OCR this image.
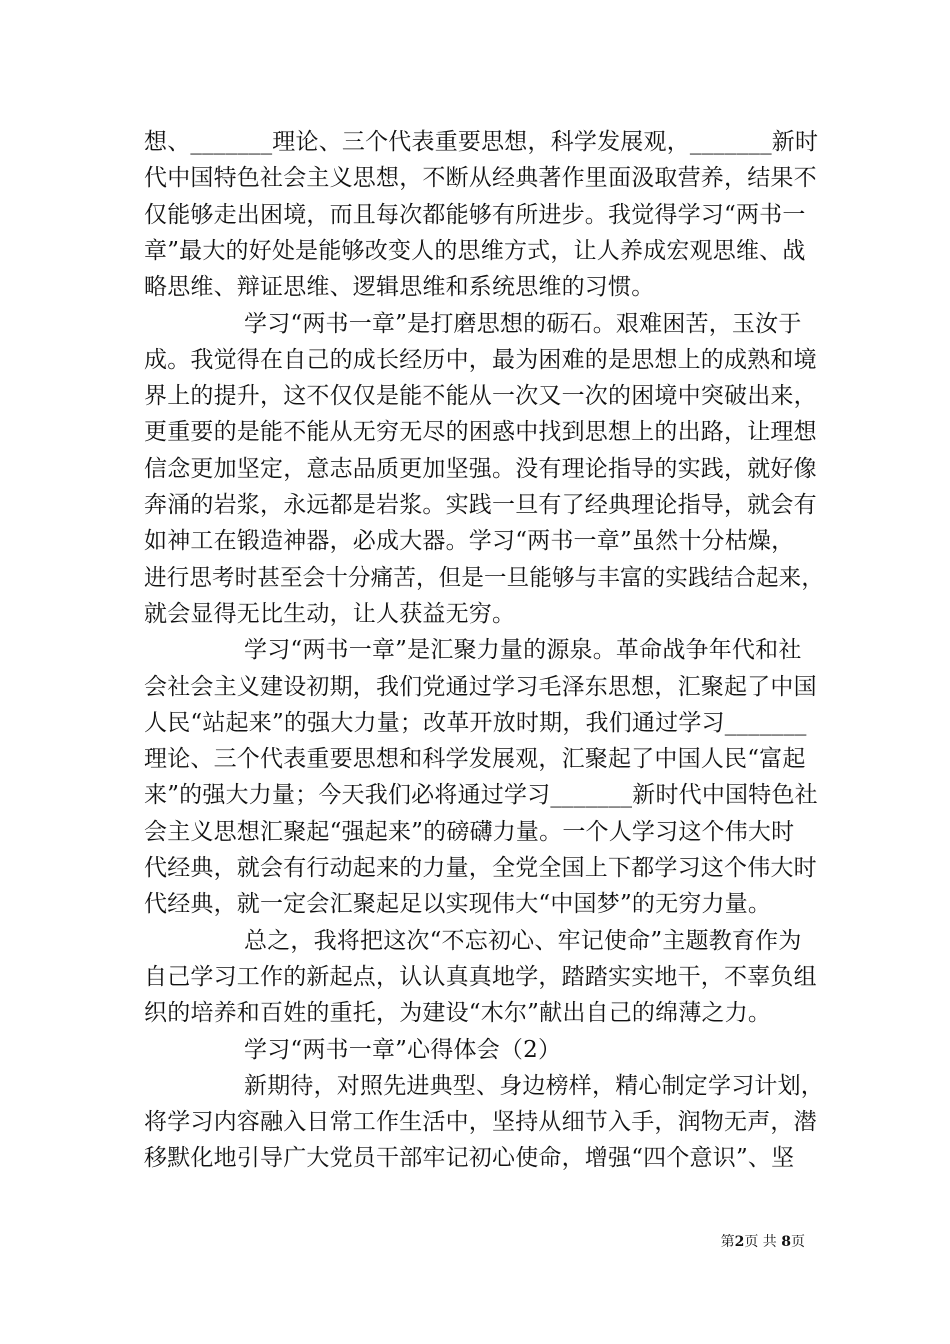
想、_______理论、三个代表重要思想，科学发展观，_______新时
代中国特色社会主义思想，不断从经典著作里面汲取营养，结果不
仅能够走出困境，而且每次都能够有所进步。我觉得学习“两书一
章”最大的好处是能够改变人的思维方式，让人养成宏观思维、战
略思维、辩证思维、逻辑思维和系统思维的习惯。
学习“两书一章”是打磨思想的砺石。艰难困苦，玉汝于
成。我觉得在自己的成长经历中，最为困难的是思想上的成熟和境
界上的提升，这不仅仅是能不能从一次又一次的困境中突破出来，
更重要的是能不能从无穷无尽的困惑中找到思想上的出路，让理想
信念更加坚定，意志品质更加坚强。没有理论指导的实践，就好像
奔涌的岩浆，永远都是岩浆。实践一旦有了经典理论指导，就会有
如神工在锻造神器，必成大器。学习“两书一章”虽然十分枯燥，
进行思考时甚至会十分痛苦，但是一旦能够与丰富的实践结合起来，
就会显得无比生动，让人获益无穷。
学习“两书一章”是汇聚力量的源泉。革命战争年代和社
会社会主义建设初期，我们党通过学习毛泽东思想，汇聚起了中国
人民“站起来”的强大力量；改革开放时期，我们通过学习_______
理论、三个代表重要思想和科学发展观，汇聚起了中国人民“富起
来”的强大力量；今天我们必将通过学习_______新时代中国特色社
会主义思想汇聚起“强起来”的磅礴力量。一个人学习这个伟大时
代经典，就会有行动起来的力量，全党全国上下都学习这个伟大时
代经典，就一定会汇聚起足以实现伟大“中国梦”的无穷力量。
总之，我将把这次“不忘初心、牢记使命”主题教育作为
自己学习工作的新起点，认认真真地学，踏踏实实地干，不辜负组
织的培养和百姓的重托，为建设“木尔”献出自己的绵薄之力。
学习“两书一章”心得体会（2）
新期待，对照先进典型、身边榜样，精心制定学习计划，
将学习内容融入日常工作生活中，坚持从细节入手，润物无声，潜
移默化地引导广大党员干部牢记初心使命，增强“四个意识”、坚
第2页 共 8页
